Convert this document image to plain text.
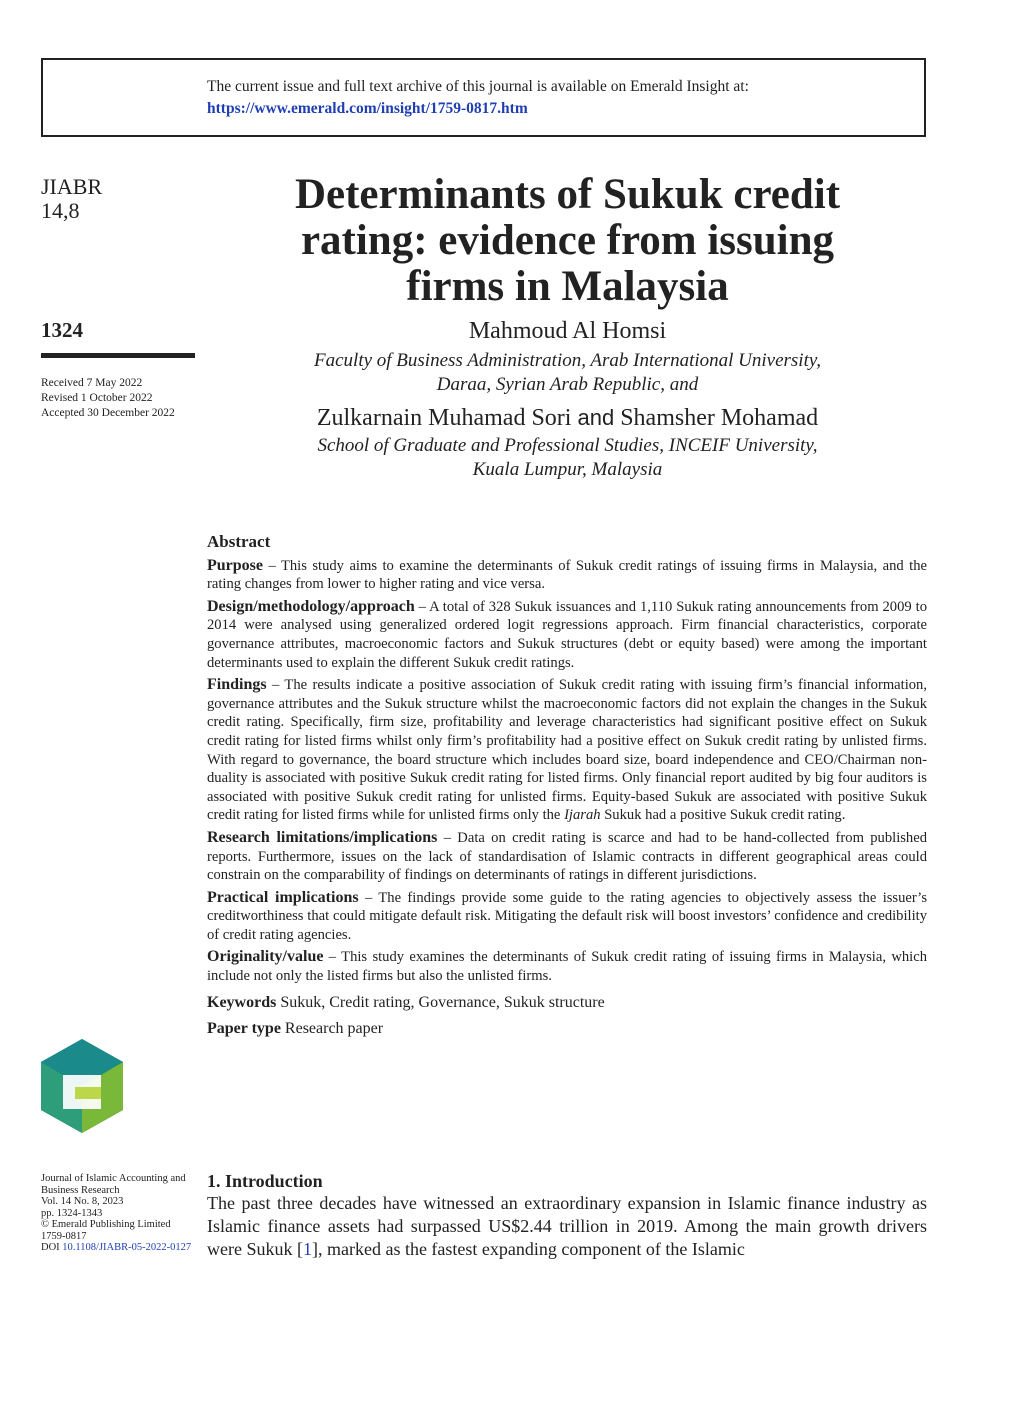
The current issue and full text archive of this journal is available on Emerald Insight at:
https://www.emerald.com/insight/1759-0817.htm
JIABR
14,8
1324
Received 7 May 2022
Revised 1 October 2022
Accepted 30 December 2022
Determinants of Sukuk credit
rating: evidence from issuing
firms in Malaysia
Mahmoud Al Homsi
Faculty of Business Administration, Arab International University,
Daraa, Syrian Arab Republic, and
Zulkarnain Muhamad Sori and Shamsher Mohamad
School of Graduate and Professional Studies, INCEIF University,
Kuala Lumpur, Malaysia
Abstract

Purpose – This study aims to examine the determinants of Sukuk credit ratings of issuing firms in Malaysia, and the rating changes from lower to higher rating and vice versa.

Design/methodology/approach – A total of 328 Sukuk issuances and 1,110 Sukuk rating announcements from 2009 to 2014 were analysed using generalized ordered logit regressions approach. Firm financial characteristics, corporate governance attributes, macroeconomic factors and Sukuk structures (debt or equity based) were among the important determinants used to explain the different Sukuk credit ratings.

Findings – The results indicate a positive association of Sukuk credit rating with issuing firm’s financial information, governance attributes and the Sukuk structure whilst the macroeconomic factors did not explain the changes in the Sukuk credit rating. Specifically, firm size, profitability and leverage characteristics had significant positive effect on Sukuk credit rating for listed firms whilst only firm’s profitability had a positive effect on Sukuk credit rating by unlisted firms. With regard to governance, the board structure which includes board size, board independence and CEO/Chairman non-duality is associated with positive Sukuk credit rating for listed firms. Only financial report audited by big four auditors is associated with positive Sukuk credit rating for unlisted firms. Equity-based Sukuk are associated with positive Sukuk credit rating for listed firms while for unlisted firms only the Ijarah Sukuk had a positive Sukuk credit rating.

Research limitations/implications – Data on credit rating is scarce and had to be hand-collected from published reports. Furthermore, issues on the lack of standardisation of Islamic contracts in different geographical areas could constrain on the comparability of findings on determinants of ratings in different jurisdictions.

Practical implications – The findings provide some guide to the rating agencies to objectively assess the issuer’s creditworthiness that could mitigate default risk. Mitigating the default risk will boost investors’ confidence and credibility of credit rating agencies.

Originality/value – This study examines the determinants of Sukuk credit rating of issuing firms in Malaysia, which include not only the listed firms but also the unlisted firms.

Keywords Sukuk, Credit rating, Governance, Sukuk structure

Paper type Research paper

Journal of Islamic Accounting and
Business Research
Vol. 14 No. 8, 2023
pp. 1324-1343
© Emerald Publishing Limited
1759-0817
DOI 10.1108/JIABR-05-2022-0127
1. Introduction

The past three decades have witnessed an extraordinary expansion in Islamic finance industry as Islamic finance assets had surpassed US$2.44 trillion in 2019. Among the main growth drivers were Sukuk [1], marked as the fastest expanding component of the Islamic
